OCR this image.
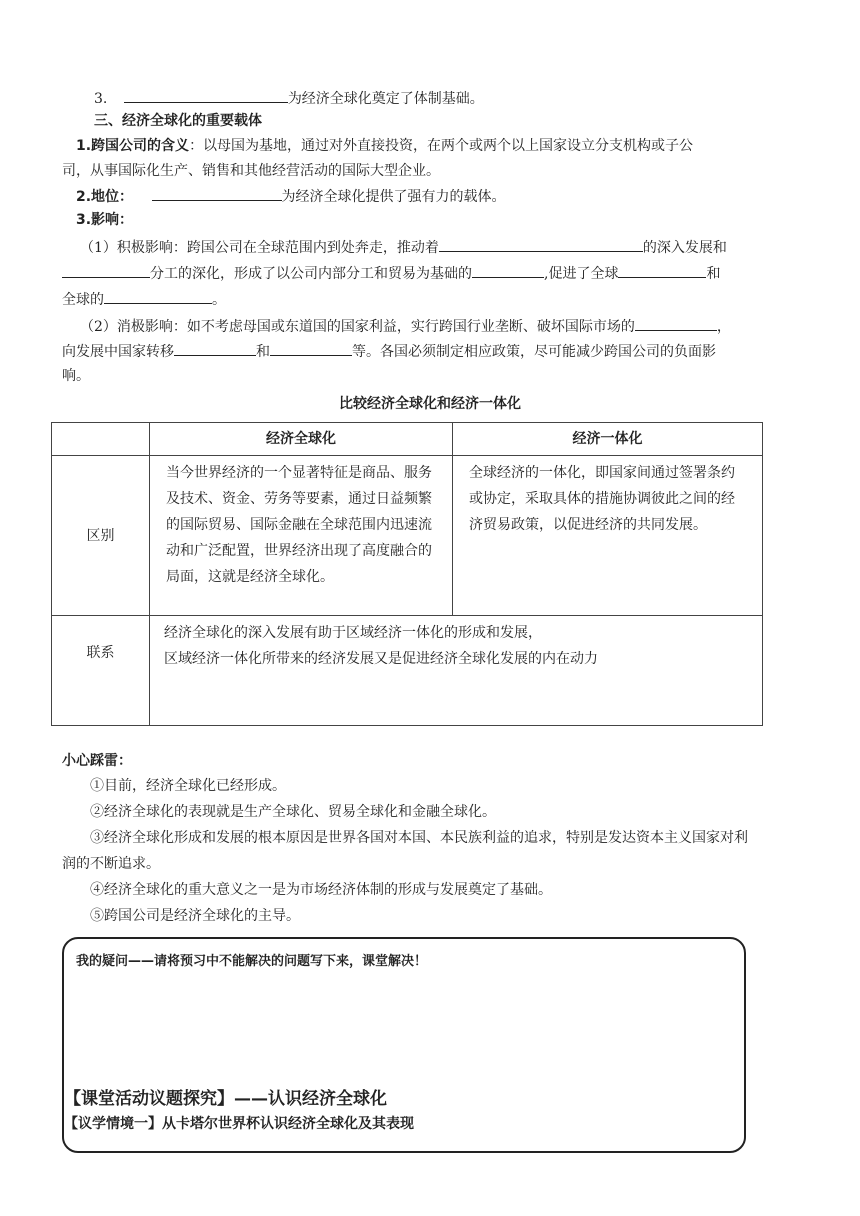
3.	为经济全球化奠定了体制基础。
三、经济全球化的重要载体
1.跨国公司的含义：以母国为基地，通过对外直接投资，在两个或两个以上国家设立分支机构或子公
司，从事国际化生产、销售和其他经营活动的国际大型企业。
2.地位：	为经济全球化提供了强有力的载体。
3.影响：
（1）积极影响：跨国公司在全球范围内到处奔走，推动着	的深入发展和
分工的深化，形成了以公司内部分工和贸易为基础的	,促进了全球	和
全球的	。
（2）消极影响：如不考虑母国或东道国的国家利益，实行跨国行业垄断、破坏国际市场的	，
向发展中国家转移	和	等。各国必须制定相应政策，尽可能减少跨国公司的负面影
响。
比较经济全球化和经济一体化
	经济全球化	经济一体化
区别	当今世界经济的一个显著特征是商品、服务及技术、资金、劳务等要素，通过日益频繁的国际贸易、国际金融在全球范围内迅速流动和广泛配置，世界经济出现了高度融合的局面，这就是经济全球化。	全球经济的一体化，即国家间通过签署条约或协定，采取具体的措施协调彼此之间的经济贸易政策，以促进经济的共同发展。
联系	经济全球化的深入发展有助于区域经济一体化的形成和发展，
区域经济一体化所带来的经济发展又是促进经济全球化发展的内在动力	
小心踩雷：
①目前，经济全球化已经形成。
②经济全球化的表现就是生产全球化、贸易全球化和金融全球化。
③经济全球化形成和发展的根本原因是世界各国对本国、本民族利益的追求，特别是发达资本主义国家对利
润的不断追求。
④经济全球化的重大意义之一是为市场经济体制的形成与发展奠定了基础。
⑤跨国公司是经济全球化的主导。
我的疑问——请将预习中不能解决的问题写下来，课堂解决！
【课堂活动议题探究】——认识经济全球化
【议学情境一】从卡塔尔世界杯认识经济全球化及其表现
